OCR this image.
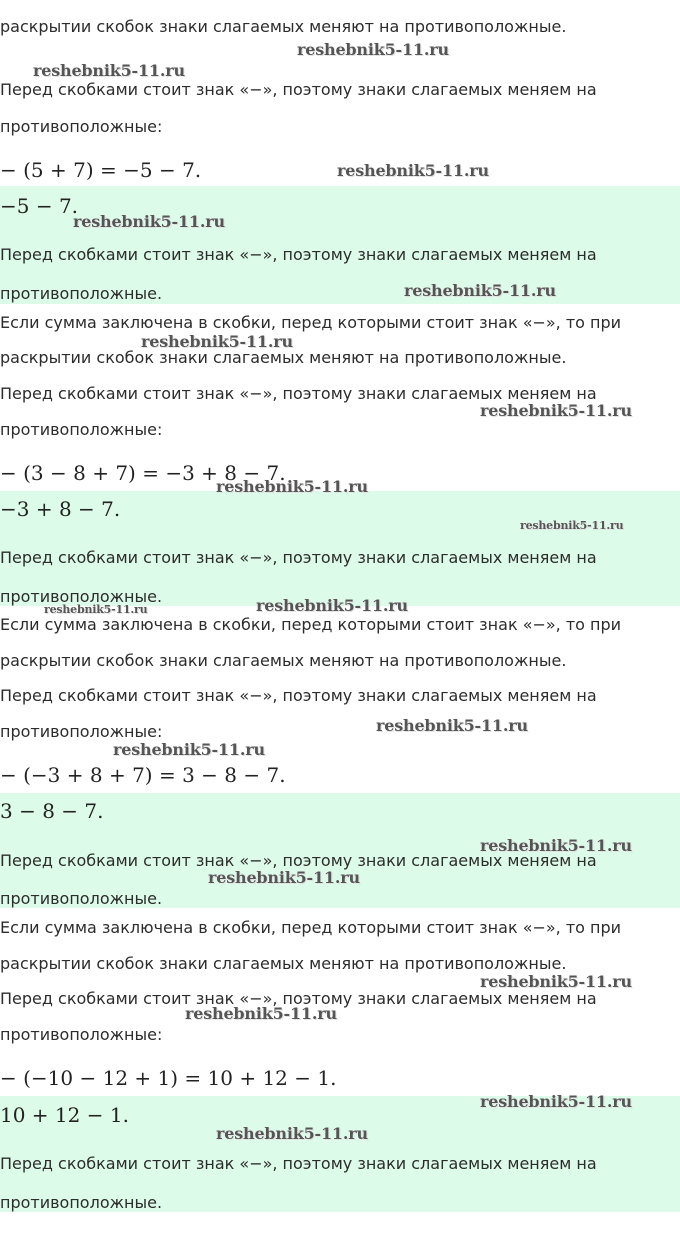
раскрытии скобок знаки слагаемых меняют на противоположные.
Перед скобками стоит знак «−», поэтому знаки слагаемых меняем на
противоположные:
− (5 + 7) = −5 − 7.
−5 − 7.
Перед скобками стоит знак «−», поэтому знаки слагаемых меняем на
противоположные.
Если сумма заключена в скобки, перед которыми стоит знак «−», то при
раскрытии скобок знаки слагаемых меняют на противоположные.
Перед скобками стоит знак «−», поэтому знаки слагаемых меняем на
противоположные:
− (3 − 8 + 7) = −3 + 8 − 7.
−3 + 8 − 7.
Перед скобками стоит знак «−», поэтому знаки слагаемых меняем на
противоположные.
Если сумма заключена в скобки, перед которыми стоит знак «−», то при
раскрытии скобок знаки слагаемых меняют на противоположные.
Перед скобками стоит знак «−», поэтому знаки слагаемых меняем на
противоположные:
− (−3 + 8 + 7) = 3 − 8 − 7.
3 − 8 − 7.
Перед скобками стоит знак «−», поэтому знаки слагаемых меняем на
противоположные.
Если сумма заключена в скобки, перед которыми стоит знак «−», то при
раскрытии скобок знаки слагаемых меняют на противоположные.
Перед скобками стоит знак «−», поэтому знаки слагаемых меняем на
противоположные:
− (−10 − 12 + 1) = 10 + 12 − 1.
10 + 12 − 1.
Перед скобками стоит знак «−», поэтому знаки слагаемых меняем на
противоположные.
reshebnik5-11.ru
reshebnik5-11.ru
reshebnik5-11.ru
reshebnik5-11.ru
reshebnik5-11.ru
reshebnik5-11.ru
reshebnik5-11.ru
reshebnik5-11.ru
reshebnik5-11.ru
reshebnik5-11.ru	reshebnik5-11.ru
reshebnik5-11.ru
reshebnik5-11.ru
reshebnik5-11.ru
reshebnik5-11.ru
reshebnik5-11.ru
reshebnik5-11.ru
reshebnik5-11.ru
reshebnik5-11.ru
